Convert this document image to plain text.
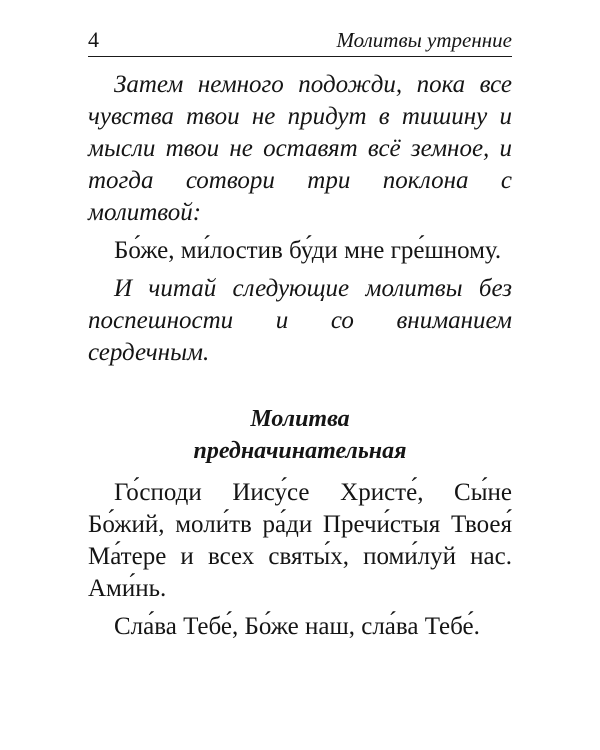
4	Молитвы утренние

Затем немного подожди, пока все чувства твои не придут в тишину и мысли твои не оставят всё земное, и тогда сотвори три поклона с молитвой:

Бо́же, ми́лостив бу́ди мне гре́шному.

И читай следующие молитвы без поспешности и со вниманием сердечным.

Молитва
предначинательная

Го́споди Иису́се Христе́, Сы́не Бо́жий, моли́тв ра́ди Пречи́стыя Твоея́ Ма́тере и всех святы́х, поми́луй нас. Ами́нь.

Сла́ва Тебе́, Бо́же наш, сла́ва Тебе́.
